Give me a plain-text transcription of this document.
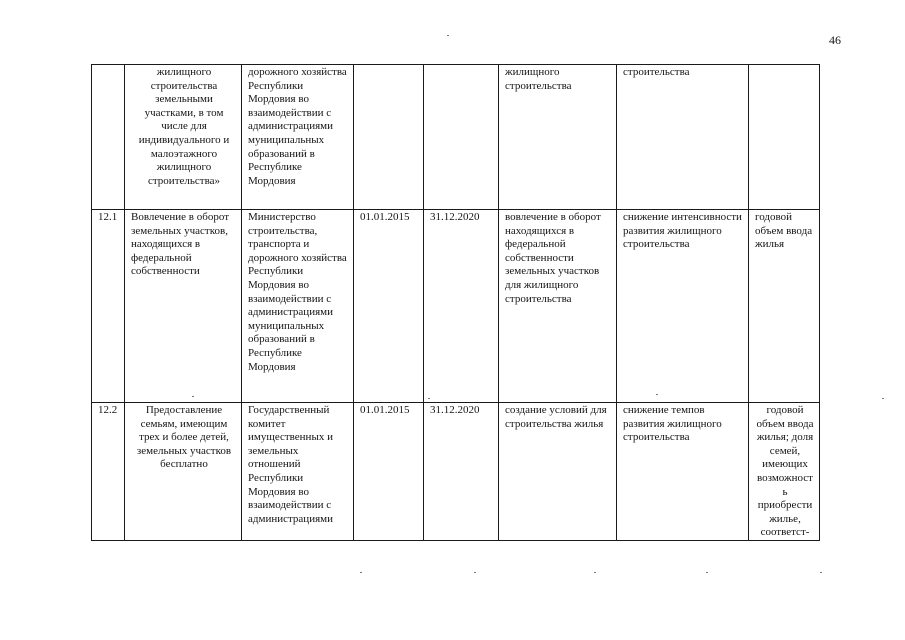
46
	жилищного строительства земельными участками, в том числе для индивидуального и малоэтажного жилищного строительства»	дорожного хозяйства Республики Мордовия во взаимодействии с администрациями муниципальных образований в Республике Мордовия			жилищного строительства	строительства	
12.1	Вовлечение в оборот земельных участков, находящихся в федеральной собственности	Министерство строительства, транспорта и дорожного хозяйства Республики Мордовия во взаимодействии с администрациями муниципальных образований в Республике Мордовия	01.01.2015	31.12.2020	вовлечение в оборот находящихся в федеральной собственности земельных участков для жилищного строительства	снижение интенсивности развития жилищного строительства	годовой объем ввода жилья
12.2	Предоставление семьям, имеющим трех и более детей, земельных участков бесплатно	Государственный комитет имущественных и земельных отношений Республики Мордовия во взаимодействии с администрациями	01.01.2015	31.12.2020	создание условий для строительства жилья	снижение темпов развития жилищного строительства	годовой объем ввода жилья; доля семей, имеющих возможность приобрести жилье, соответст-
